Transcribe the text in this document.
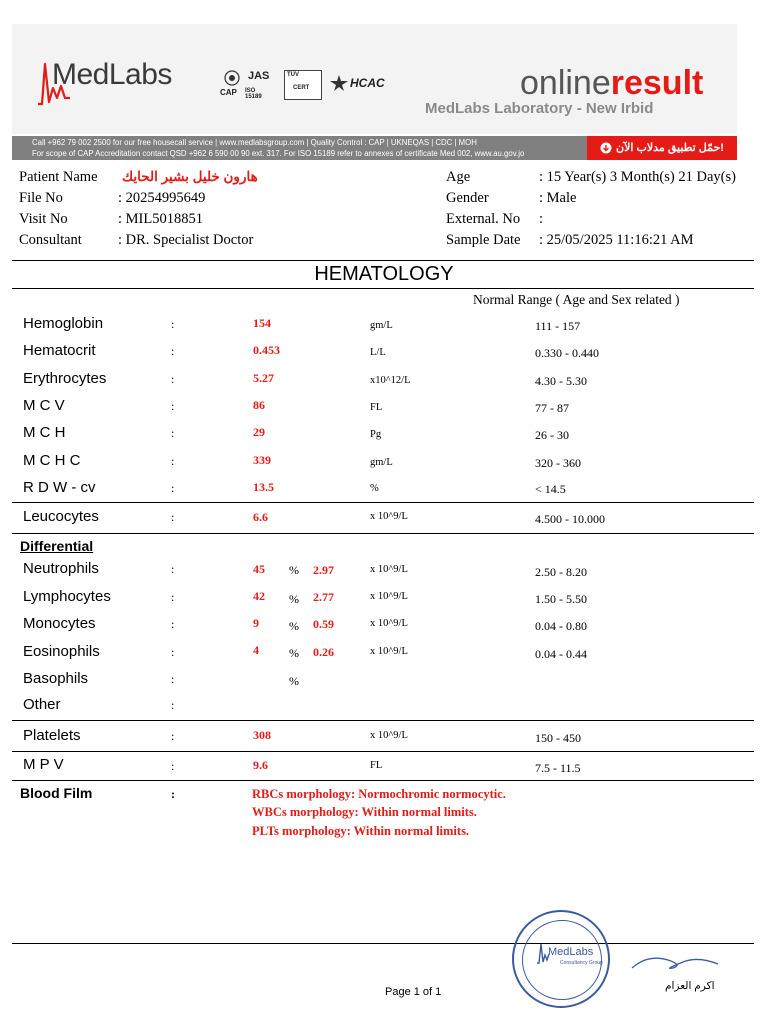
MedLabs
CAP
JAS
ISO 15189
TÜV
CERT	HCAC	onlineresult
MedLabs Laboratory - New Irbid
Call +962 79 002 2500 for our free housecall service | www.medlabsgroup.com | Quality Control : CAP | UKNEQAS | CDC | MOH
For scope of CAP Accreditation contact QSD +962 6 590 00 90 ext. 317. For ISO 15189 refer to annexes of certificate Med 002, www.au.gov.jo	حمّل تطبيق مدلاب الآن!
Patient Name هارون خليل بشير الحايك
File No	: 20254995649
Visit No	: MIL5018851
Consultant : DR. Specialist Doctor
Age	: 15 Year(s) 3 Month(s) 21 Day(s)
Gender	: Male
External. No :
Sample Date : 25/05/2025 11:16:21 AM
HEMATOLOGY
Normal Range ( Age and Sex related )
Hemoglobin	:	154	gm/L	111 - 157
Hematocrit	:	0.453	L/L	0.330 - 0.440
Erythrocytes	:	5.27	x10^12/L	4.30 - 5.30
M C V	:	86	FL	77 - 87
M C H	:	29	Pg	26 - 30
M C H C	:	339	gm/L	320 - 360
R D W - cv	:	13.5	%	< 14.5
Leucocytes	:	6.6	x 10^9/L	4.500 - 10.000
Differential
Neutrophils	:	45 % 2.97	x 10^9/L	2.50 - 8.20
Lymphocytes	:	42 % 2.77	x 10^9/L	1.50 - 5.50
Monocytes	:	9	% 0.59	x 10^9/L	0.04 - 0.80
Eosinophils	:	4	% 0.26	x 10^9/L	0.04 - 0.44
Basophils	:	%
Other	:
Platelets	:	308	x 10^9/L	150 - 450
M P V	:	9.6	FL	7.5 - 11.5
Blood Film	:	RBCs morphology: Normochromic normocytic.
WBCs morphology: Within normal limits.
PLTs morphology: Within normal limits.
MedLabs
Consultancy Group
اكرم العزام
Page 1 of 1
